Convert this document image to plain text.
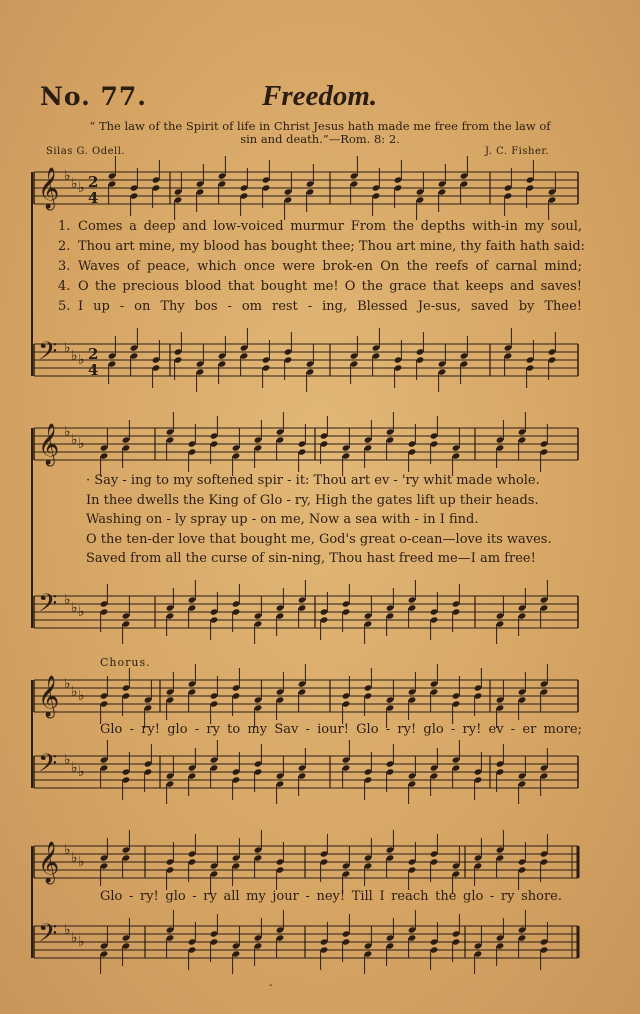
No. 77.	Freedom.
“ The law of the Spirit of life in Christ Jesus hath made me free from the law of
sin and death.”—Rom. 8: 2.
Silas G. Odell.	J. C. Fisher.
𝄞 ♭ ♭ ♭ 2
4
𝄢 ♭ ♭ ♭ 2
4
𝄞 ♭ ♭ ♭
𝄢 ♭ ♭ ♭
𝄞 ♭ ♭ ♭
𝄢 ♭ ♭ ♭
𝄞 ♭ ♭ ♭
𝄢 ♭ ♭ ♭
1. Comes a deep and low-voiced murmur From the depths with-in my soul,
2. Thou art mine, my blood has bought thee; Thou art mine, thy faith hath said:
3. Waves of peace, which once were brok-en On the reefs of carnal mind;
4. O the precious blood that bought me! O the grace that keeps and saves!
5. I up - on Thy bos - om rest - ing, Blessed Je-sus, saved by Thee!
· Say - ing to my softened spir - it: Thou art ev - 'ry whit made whole.
In thee dwells the King of Glo - ry, High the gates lift up their heads.
Washing on - ly spray up - on me, Now a sea with - in I find.
O the ten-der love that bought me, God's great o-cean—love its waves.
Saved from all the curse of sin-ning, Thou hast freed me—I am free!
Chorus.
Glo - ry! glo - ry to my Sav - iour! Glo - ry! glo - ry! ev - er more;
Glo - ry! glo - ry all my jour - ney! Till I reach the glo - ry shore.
-
